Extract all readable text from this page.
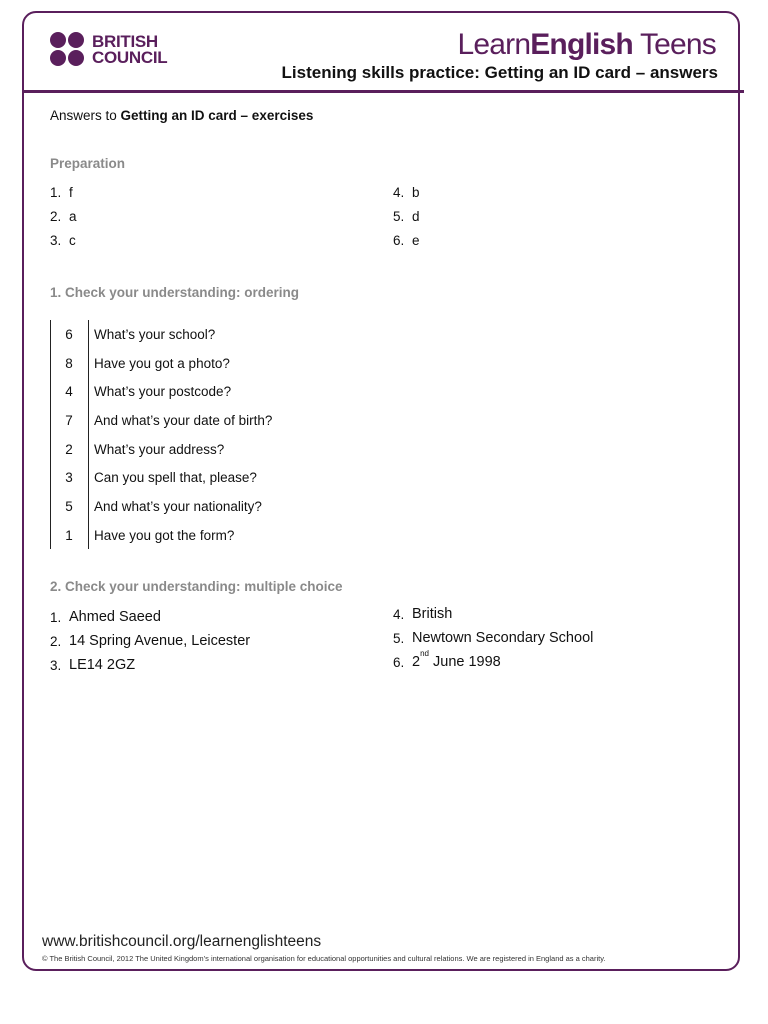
BRITISH
COUNCIL	LearnEnglish Teens
Listening skills practice: Getting an ID card – answers
Answers to Getting an ID card – exercises
Preparation
1. f
2. a
3. c
4. b
5. d
6. e
1. Check your understanding: ordering
6	What’s your school?
8	Have you got a photo?
4	What’s your postcode?
7	And what’s your date of birth?
2	What’s your address?
3	Can you spell that, please?
5	And what’s your nationality?
1	Have you got the form?
2. Check your understanding: multiple choice
1. Ahmed Saeed
2. 14 Spring Avenue, Leicester
3. LE14 2GZ
4. British
5. Newtown Secondary School
6. 2
nd
June 1998
www.britishcouncil.org/learnenglishteens
© The British Council, 2012 The United Kingdom’s international organisation for educational opportunities and cultural relations. We are registered in England as a charity.
